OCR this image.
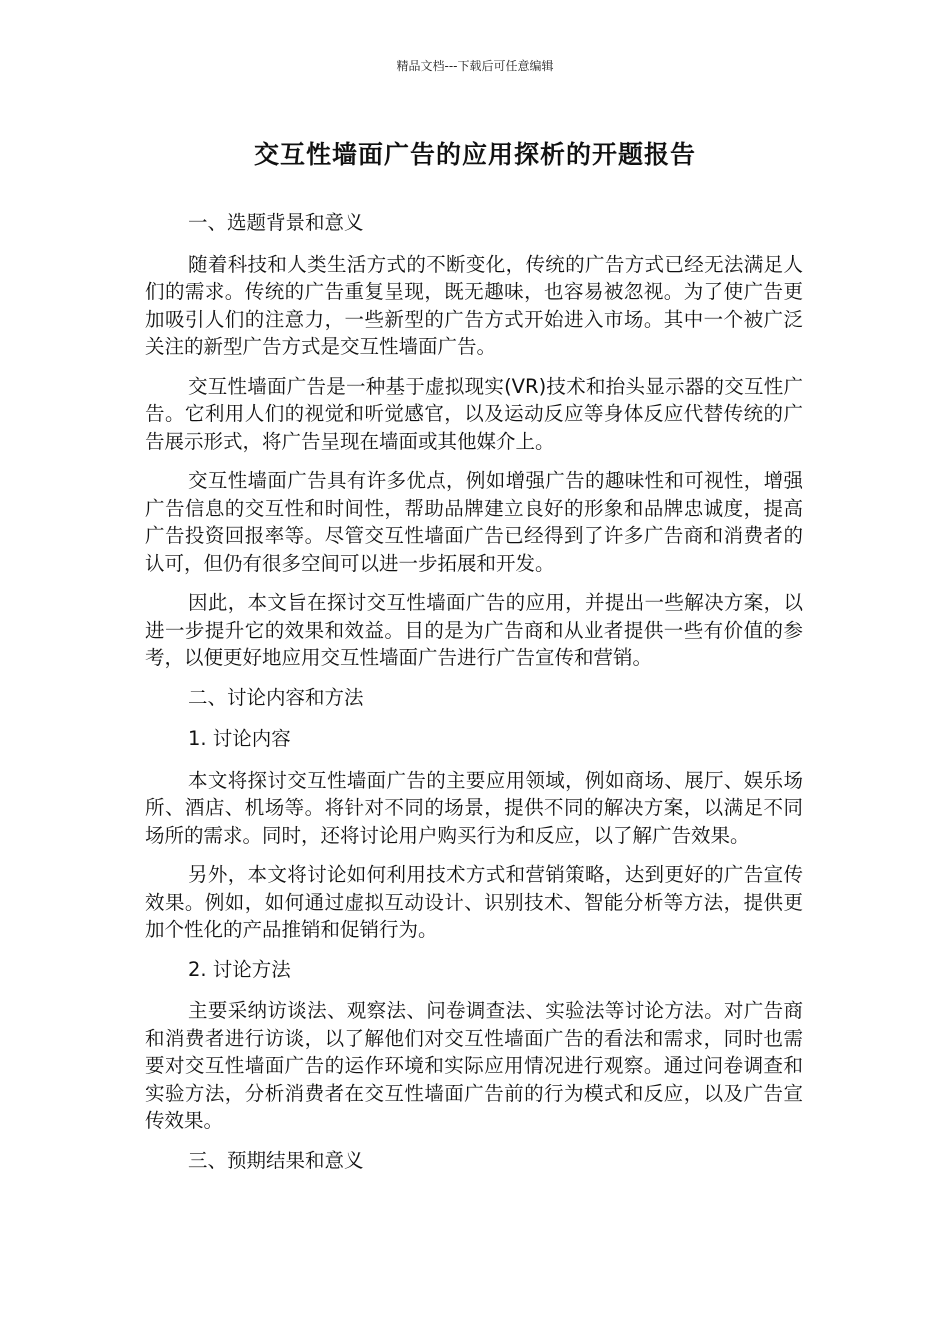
精品文档---下载后可任意编辑
交互性墙面广告的应用探析的开题报告

一、选题背景和意义

随着科技和人类生活方式的不断变化，传统的广告方式已经无法满足人们的需求。传统的广告重复呈现，既无趣味，也容易被忽视。为了使广告更加吸引人们的注意力，一些新型的广告方式开始进入市场。其中一个被广泛关注的新型广告方式是交互性墙面广告。

交互性墙面广告是一种基于虚拟现实(VR)技术和抬头显示器的交互性广告。它利用人们的视觉和听觉感官，以及运动反应等身体反应代替传统的广告展示形式，将广告呈现在墙面或其他媒介上。

交互性墙面广告具有许多优点，例如增强广告的趣味性和可视性，增强广告信息的交互性和时间性，帮助品牌建立良好的形象和品牌忠诚度，提高广告投资回报率等。尽管交互性墙面广告已经得到了许多广告商和消费者的认可，但仍有很多空间可以进一步拓展和开发。

因此，本文旨在探讨交互性墙面广告的应用，并提出一些解决方案，以进一步提升它的效果和效益。目的是为广告商和从业者提供一些有价值的参考，以便更好地应用交互性墙面广告进行广告宣传和营销。

二、讨论内容和方法

1. 讨论内容

本文将探讨交互性墙面广告的主要应用领域，例如商场、展厅、娱乐场所、酒店、机场等。将针对不同的场景，提供不同的解决方案，以满足不同场所的需求。同时，还将讨论用户购买行为和反应，以了解广告效果。

另外，本文将讨论如何利用技术方式和营销策略，达到更好的广告宣传效果。例如，如何通过虚拟互动设计、识别技术、智能分析等方法，提供更加个性化的产品推销和促销行为。

2. 讨论方法

主要采纳访谈法、观察法、问卷调查法、实验法等讨论方法。对广告商和消费者进行访谈，以了解他们对交互性墙面广告的看法和需求，同时也需要对交互性墙面广告的运作环境和实际应用情况进行观察。通过问卷调查和实验方法，分析消费者在交互性墙面广告前的行为模式和反应，以及广告宣传效果。

三、预期结果和意义
